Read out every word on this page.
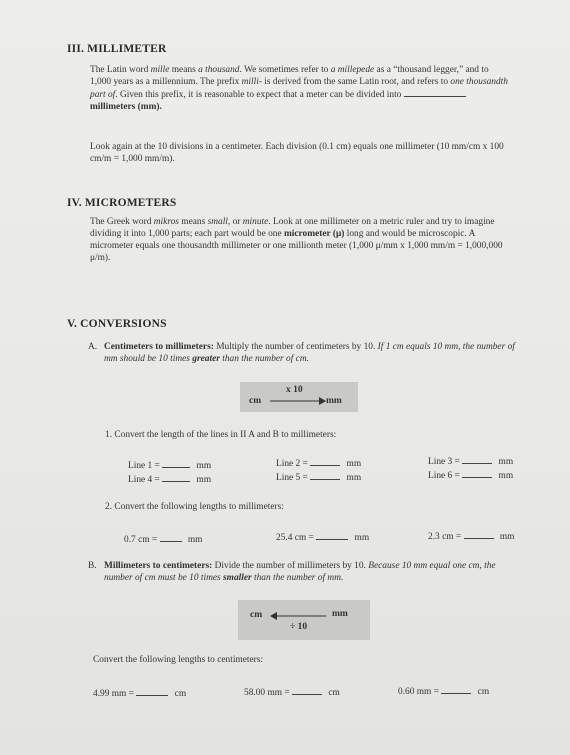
III. MILLIMETER
The Latin word mille means a thousand. We sometimes refer to a millepede as a “thousand legger,” and to 1,000 years as a millennium. The prefix milli- is derived from the same Latin root, and refers to one thousandth part of. Given this prefix, it is reasonable to expect that a meter can be divided into  millimeters (mm).
Look again at the 10 divisions in a centimeter. Each division (0.1 cm) equals one millimeter (10 mm/cm x 100 cm/m = 1,000 mm/m).
IV. MICROMETERS
The Greek word mikros means small, or minute. Look at one millimeter on a metric ruler and try to imagine dividing it into 1,000 parts; each part would be one micrometer (μ) long and would be microscopic. A micrometer equals one thousandth millimeter or one millionth meter (1,000 μ/mm x 1,000 mm/m = 1,000,000 μ/m).
V. CONVERSIONS
A. Centimeters to millimeters: Multiply the number of centimeters by 10. If 1 cm equals 10 mm, the number of mm should be 10 times greater than the number of cm.
cm
x 10
mm
1. Convert the length of the lines in II A and B to millimeters:
Line 1 =	mm	Line 2 =	mm	Line 3 =	mm
Line 4 =	mm	Line 5 =	mm	Line 6 =	mm
2. Convert the following lengths to millimeters:
0.7 cm =	mm	25.4 cm =	mm	2.3 cm =	mm
B. Millimeters to centimeters: Divide the number of millimeters by 10. Because 10 mm equal one cm, the number of cm must be 10 times smaller than the number of mm.
cm	mm
÷ 10
Convert the following lengths to centimeters:
4.99 mm =	cm	58.00 mm =	cm	0.60 mm =	cm
